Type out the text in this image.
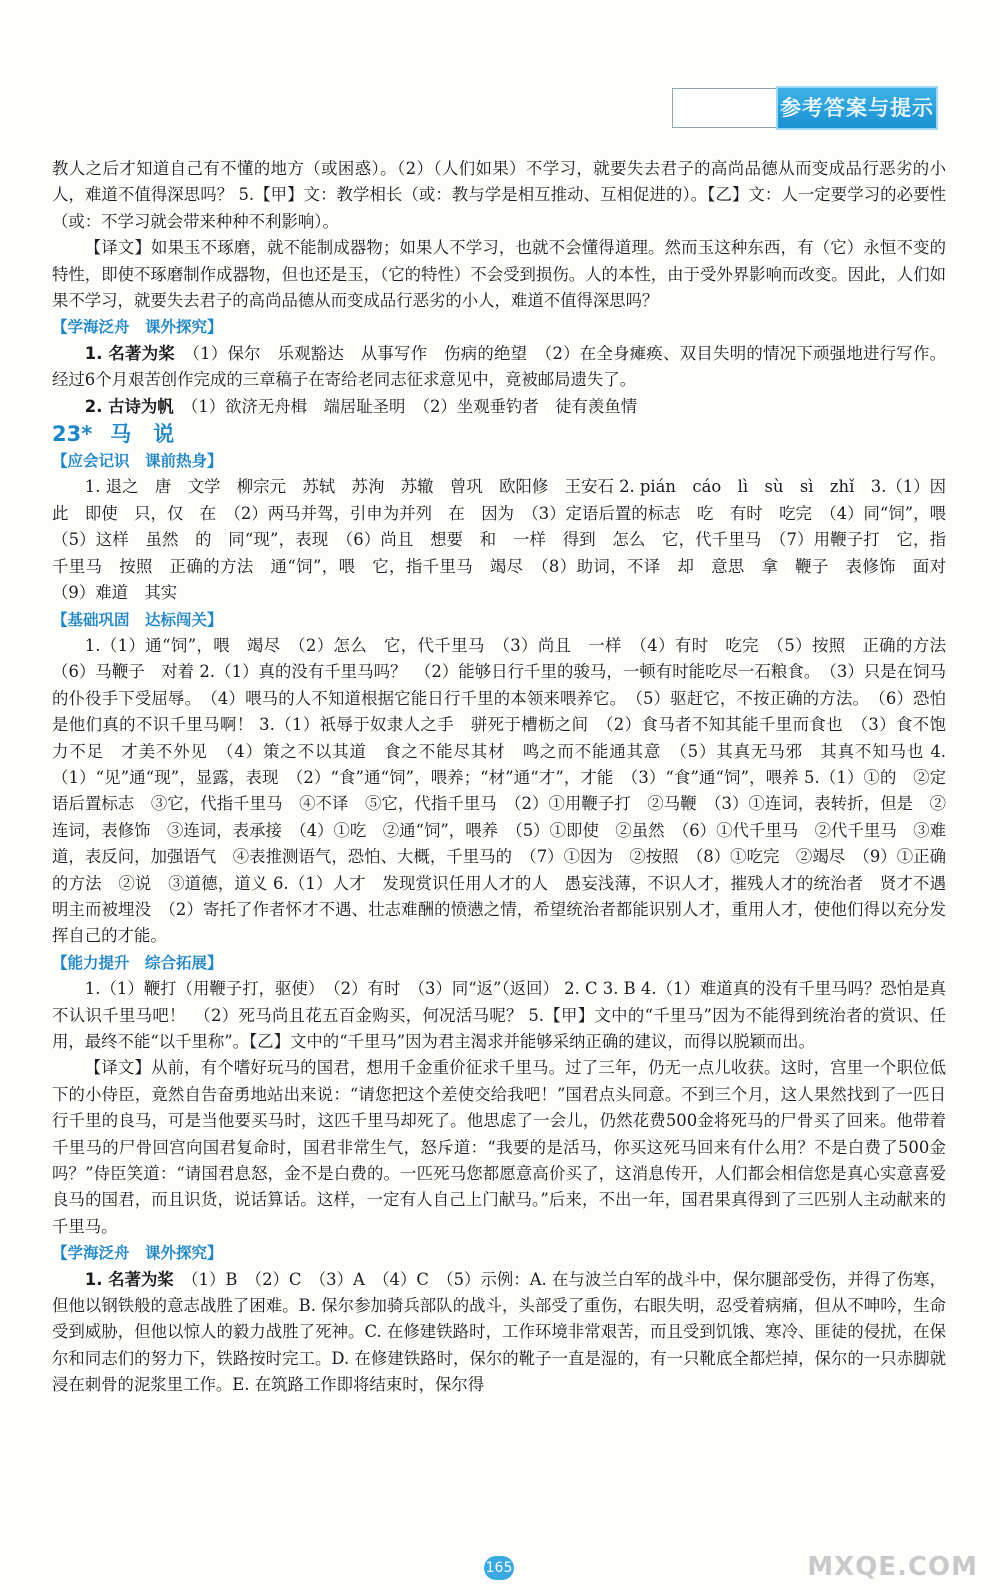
参考答案与提示

教人之后才知道自己有不懂的地方（或困惑）。（2）（人们如果）不学习，就要失去君子的高尚品德从而变成品行恶劣的小人，难道不值得深思吗？ 5.【甲】文：教学相长（或：教与学是相互推动、互相促进的）。【乙】文：人一定要学习的必要性（或：不学习就会带来种种不利影响）。

【译文】如果玉不琢磨，就不能制成器物；如果人不学习，也就不会懂得道理。然而玉这种东西，有（它）永恒不变的特性，即使不琢磨制作成器物，但也还是玉，（它的特性）不会受到损伤。人的本性，由于受外界影响而改变。因此，人们如果不学习，就要失去君子的高尚品德从而变成品行恶劣的小人，难道不值得深思吗？

【学海泛舟　课外探究】

1. 名著为桨　 （1）保尔　乐观豁达　从事写作　伤病的绝望　（2）在全身瘫痪、双目失明的情况下顽强地进行写作。经过6个月艰苦创作完成的三章稿子在寄给老同志征求意见中，竟被邮局遗失了。

2. 古诗为帆　 （1）欲济无舟楫　端居耻圣明　（2）坐观垂钓者　徒有羡鱼情

23* 马 说

【应会记识　课前热身】

1. 退之　唐　文学　柳宗元　苏轼　苏洵　苏辙　曾巩　欧阳修　王安石 2. pián　cáo　lì　sù　sì　zhǐ　3.（1）因此　即使　只，仅　在　（2）两马并驾，引申为并列　在　因为　（3）定语后置的标志　吃　有时　吃完　（4）同“饲”，喂　（5）这样　虽然　的　同“现”，表现　（6）尚且　想要　和　一样　得到　怎么　它，代千里马　（7）用鞭子打　它，指千里马　按照　正确的方法　通“饲”，喂　它，指千里马　竭尽　（8）助词，不译　却　意思　拿　鞭子　表修饰　面对　（9）难道　其实

【基础巩固　达标闯关】

1.（1）通“饲”，喂　竭尽　（2）怎么　它，代千里马　（3）尚且　一样　（4）有时　吃完　（5）按照　正确的方法　（6）马鞭子　对着 2.（1）真的没有千里马吗？　（2）能够日行千里的骏马，一顿有时能吃尽一石粮食。　（3）只是在饲马的仆役手下受屈辱。　（4）喂马的人不知道根据它能日行千里的本领来喂养它。　（5）驱赶它，不按正确的方法。　（6）恐怕是他们真的不识千里马啊！ 3.（1）祇辱于奴隶人之手　骈死于槽枥之间　（2）食马者不知其能千里而食也　（3）食不饱　力不足　才美不外见　（4）策之不以其道　食之不能尽其材　鸣之而不能通其意　（5）其真无马邪　其真不知马也 4.（1）“见”通“现”，显露，表现　（2）“食”通“饲”，喂养；“材”通“才”，才能　（3）“食”通“饲”，喂养 5.（1）①的　②定语后置标志　③它，代指千里马　④不译　⑤它，代指千里马　（2）①用鞭子打　②马鞭　（3）①连词，表转折，但是　②连词，表修饰　③连词，表承接　（4）①吃　②通“饲”，喂养　（5）①即使　②虽然　（6）①代千里马　②代千里马　③难道，表反问，加强语气　④表推测语气，恐怕、大概，千里马的　（7）①因为　②按照　（8）①吃完　②竭尽　（9）①正确的方法　②说　③道德，道义 6.（1）人才　发现赏识任用人才的人　愚妄浅薄，不识人才，摧残人才的统治者　贤才不遇明主而被埋没　（2）寄托了作者怀才不遇、壮志难酬的愤懑之情，希望统治者都能识别人才，重用人才，使他们得以充分发挥自己的才能。

【能力提升　综合拓展】

1.（1）鞭打（用鞭子打，驱使）　（2）有时　（3）同“返”（返回） 2. C 3. B 4.（1）难道真的没有千里马吗？恐怕是真不认识千里马吧！　（2）死马尚且花五百金购买，何况活马呢？ 5.【甲】文中的“千里马”因为不能得到统治者的赏识、任用，最终不能“以千里称”。【乙】文中的“千里马”因为君主渴求并能够采纳正确的建议，而得以脱颖而出。

【译文】从前，有个嗜好玩马的国君，想用千金重价征求千里马。过了三年，仍无一点儿收获。这时，宫里一个职位低下的小侍臣，竟然自告奋勇地站出来说：“请您把这个差使交给我吧！”国君点头同意。不到三个月，这人果然找到了一匹日行千里的良马，可是当他要买马时，这匹千里马却死了。他思虑了一会儿，仍然花费500金将死马的尸骨买了回来。他带着千里马的尸骨回宫向国君复命时，国君非常生气，怒斥道：“我要的是活马，你买这死马回来有什么用？不是白费了500金吗？”侍臣笑道：“请国君息怒，金不是白费的。一匹死马您都愿意高价买了，这消息传开，人们都会相信您是真心实意喜爱良马的国君，而且识货，说话算话。这样，一定有人自己上门献马。”后来，不出一年，国君果真得到了三匹别人主动献来的千里马。

【学海泛舟　课外探究】

1. 名著为桨　 （1）B　（2）C　（3）A　（4）C　（5）示例：A. 在与波兰白军的战斗中，保尔腿部受伤，并得了伤寒，但他以钢铁般的意志战胜了困难。B. 保尔参加骑兵部队的战斗，头部受了重伤，右眼失明，忍受着病痛，但从不呻吟，生命受到威胁，但他以惊人的毅力战胜了死神。C. 在修建铁路时，工作环境非常艰苦，而且受到饥饿、寒冷、匪徒的侵扰，在保尔和同志们的努力下，铁路按时完工。D. 在修建铁路时，保尔的靴子一直是湿的，有一只靴底全都烂掉，保尔的一只赤脚就浸在刺骨的泥浆里工作。E. 在筑路工作即将结束时，保尔得

165	MXQE.COM
